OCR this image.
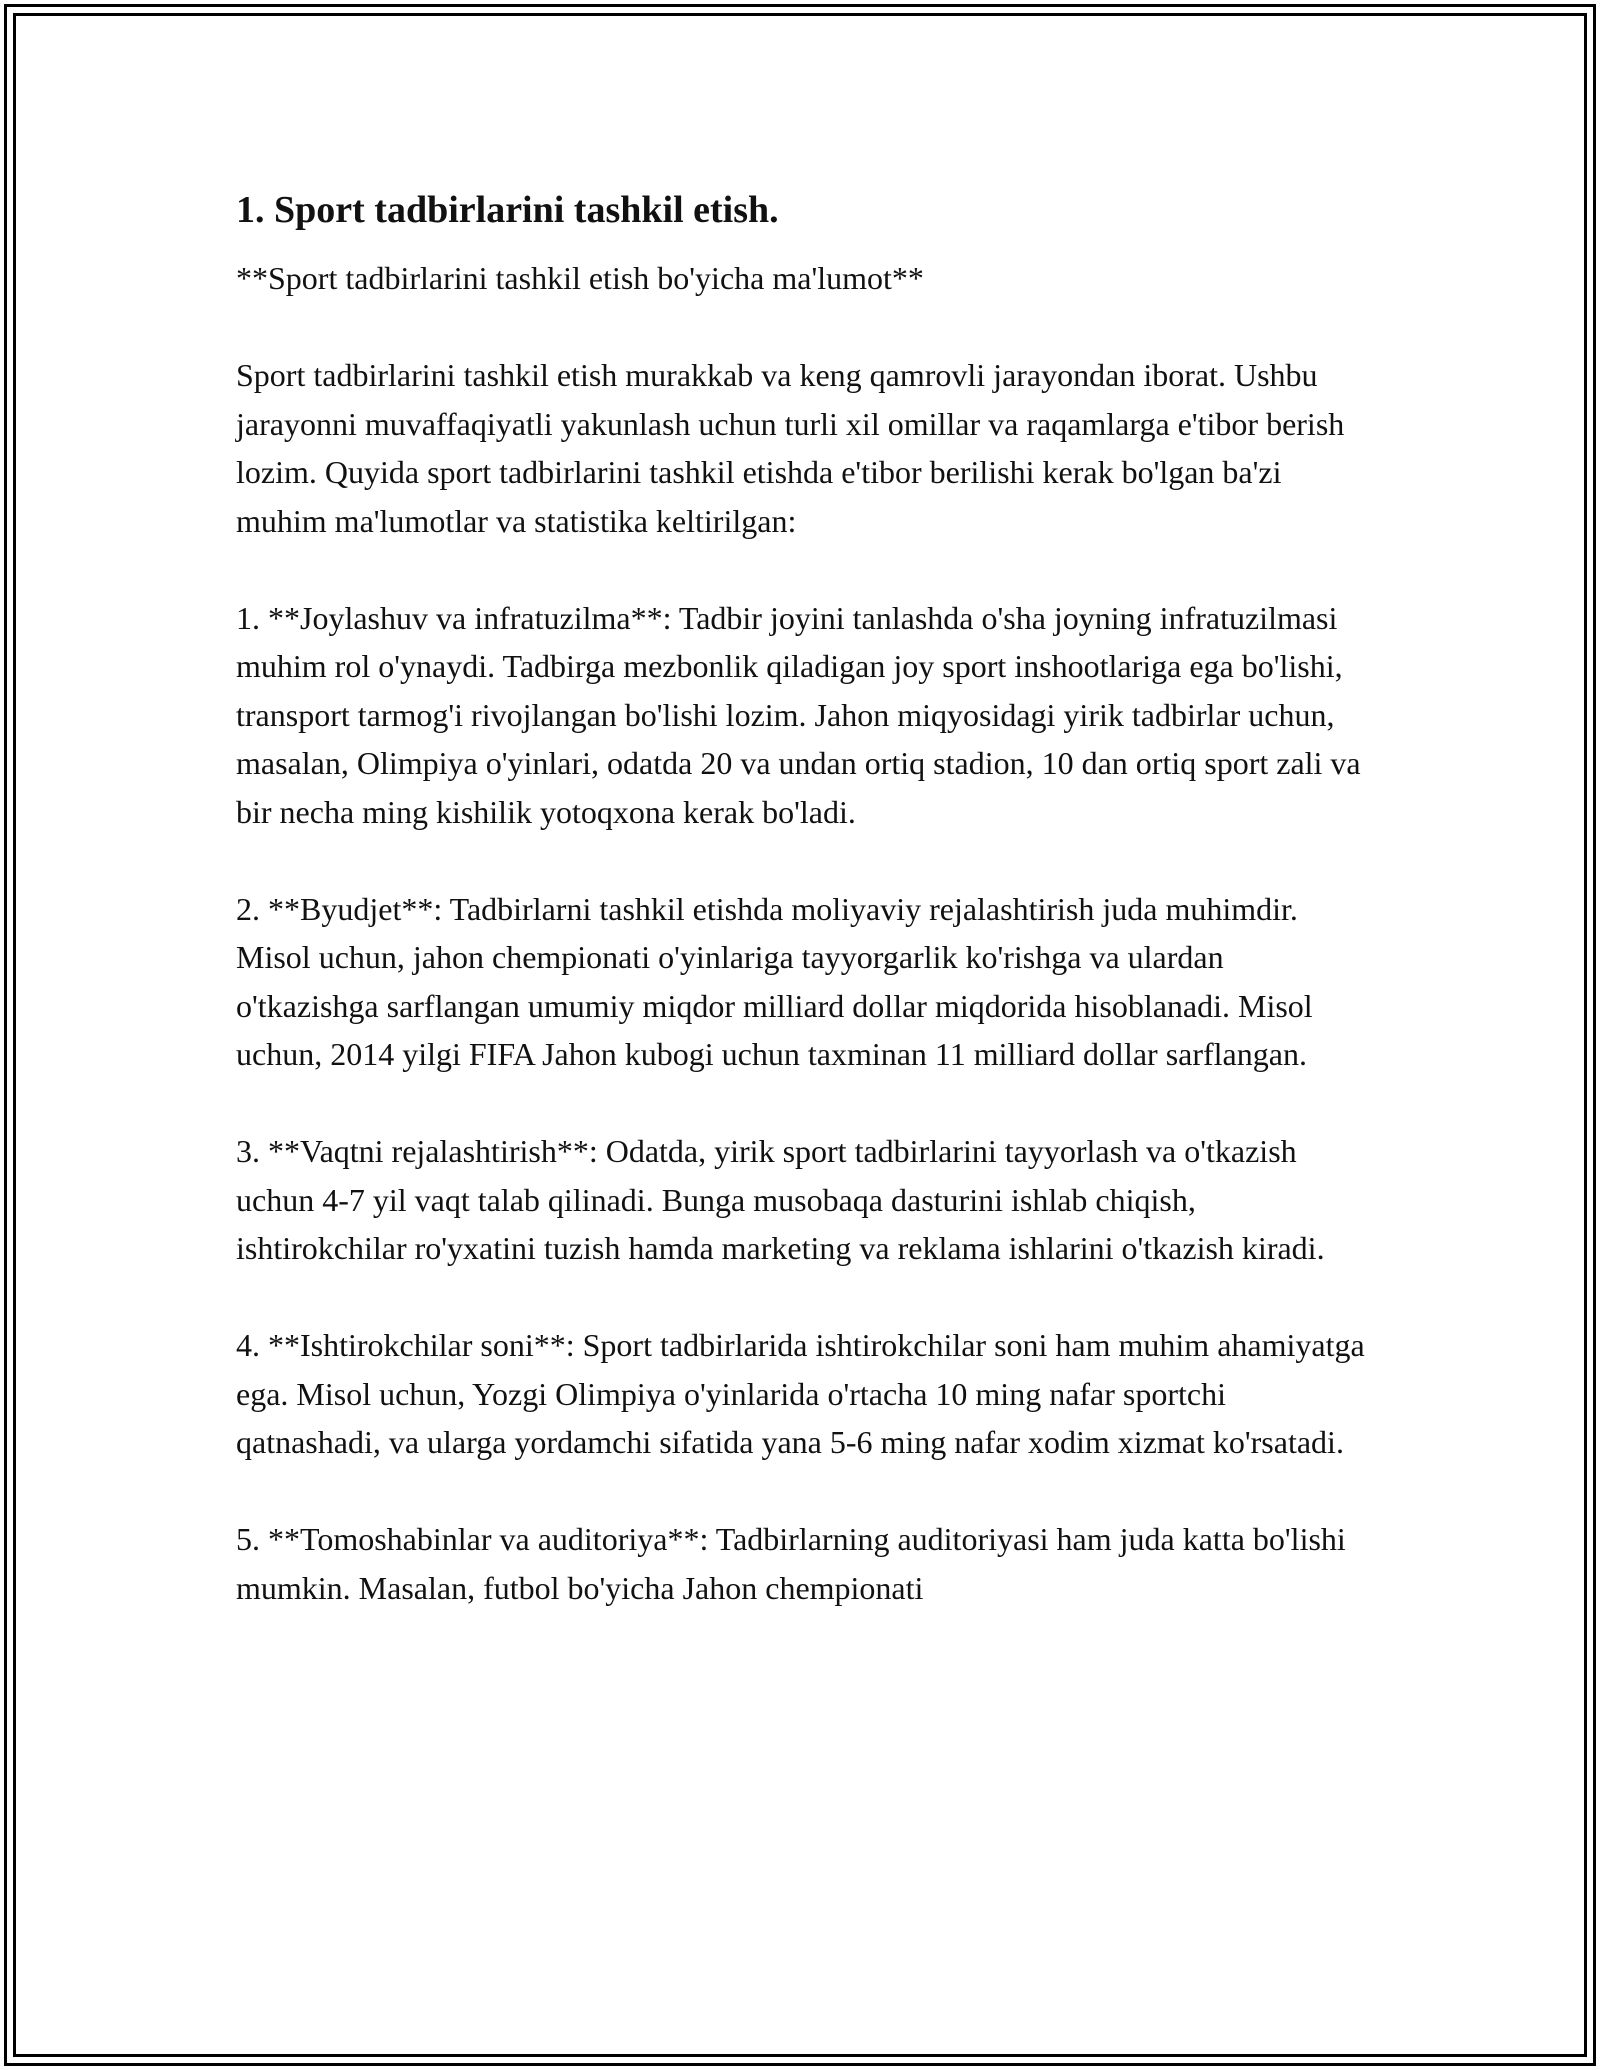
1. Sport tadbirlarini tashkil etish.

**Sport tadbirlarini tashkil etish bo'yicha ma'lumot**

Sport tadbirlarini tashkil etish murakkab va keng qamrovli jarayondan iborat. Ushbu jarayonni muvaffaqiyatli yakunlash uchun turli xil omillar va raqamlarga e'tibor berish lozim. Quyida sport tadbirlarini tashkil etishda e'tibor berilishi kerak bo'lgan ba'zi muhim ma'lumotlar va statistika keltirilgan:

1. **Joylashuv va infratuzilma**: Tadbir joyini tanlashda o'sha joyning infratuzilmasi muhim rol o'ynaydi. Tadbirga mezbonlik qiladigan joy sport inshootlariga ega bo'lishi, transport tarmog'i rivojlangan bo'lishi lozim. Jahon miqyosidagi yirik tadbirlar uchun, masalan, Olimpiya o'yinlari, odatda 20 va undan ortiq stadion, 10 dan ortiq sport zali va bir necha ming kishilik yotoqxona kerak bo'ladi.

2. **Byudjet**: Tadbirlarni tashkil etishda moliyaviy rejalashtirish juda muhimdir. Misol uchun, jahon chempionati o'yinlariga tayyorgarlik ko'rishga va ulardan o'tkazishga sarflangan umumiy miqdor milliard dollar miqdorida hisoblanadi. Misol uchun, 2014 yilgi FIFA Jahon kubogi uchun taxminan 11 milliard dollar sarflangan.

3. **Vaqtni rejalashtirish**: Odatda, yirik sport tadbirlarini tayyorlash va o'tkazish uchun 4-7 yil vaqt talab qilinadi. Bunga musobaqa dasturini ishlab chiqish, ishtirokchilar ro'yxatini tuzish hamda marketing va reklama ishlarini o'tkazish kiradi.

4. **Ishtirokchilar soni**: Sport tadbirlarida ishtirokchilar soni ham muhim ahamiyatga ega. Misol uchun, Yozgi Olimpiya o'yinlarida o'rtacha 10 ming nafar sportchi qatnashadi, va ularga yordamchi sifatida yana 5-6 ming nafar xodim xizmat ko'rsatadi.

5. **Tomoshabinlar va auditoriya**: Tadbirlarning auditoriyasi ham juda katta bo'lishi mumkin. Masalan, futbol bo'yicha Jahon chempionati
